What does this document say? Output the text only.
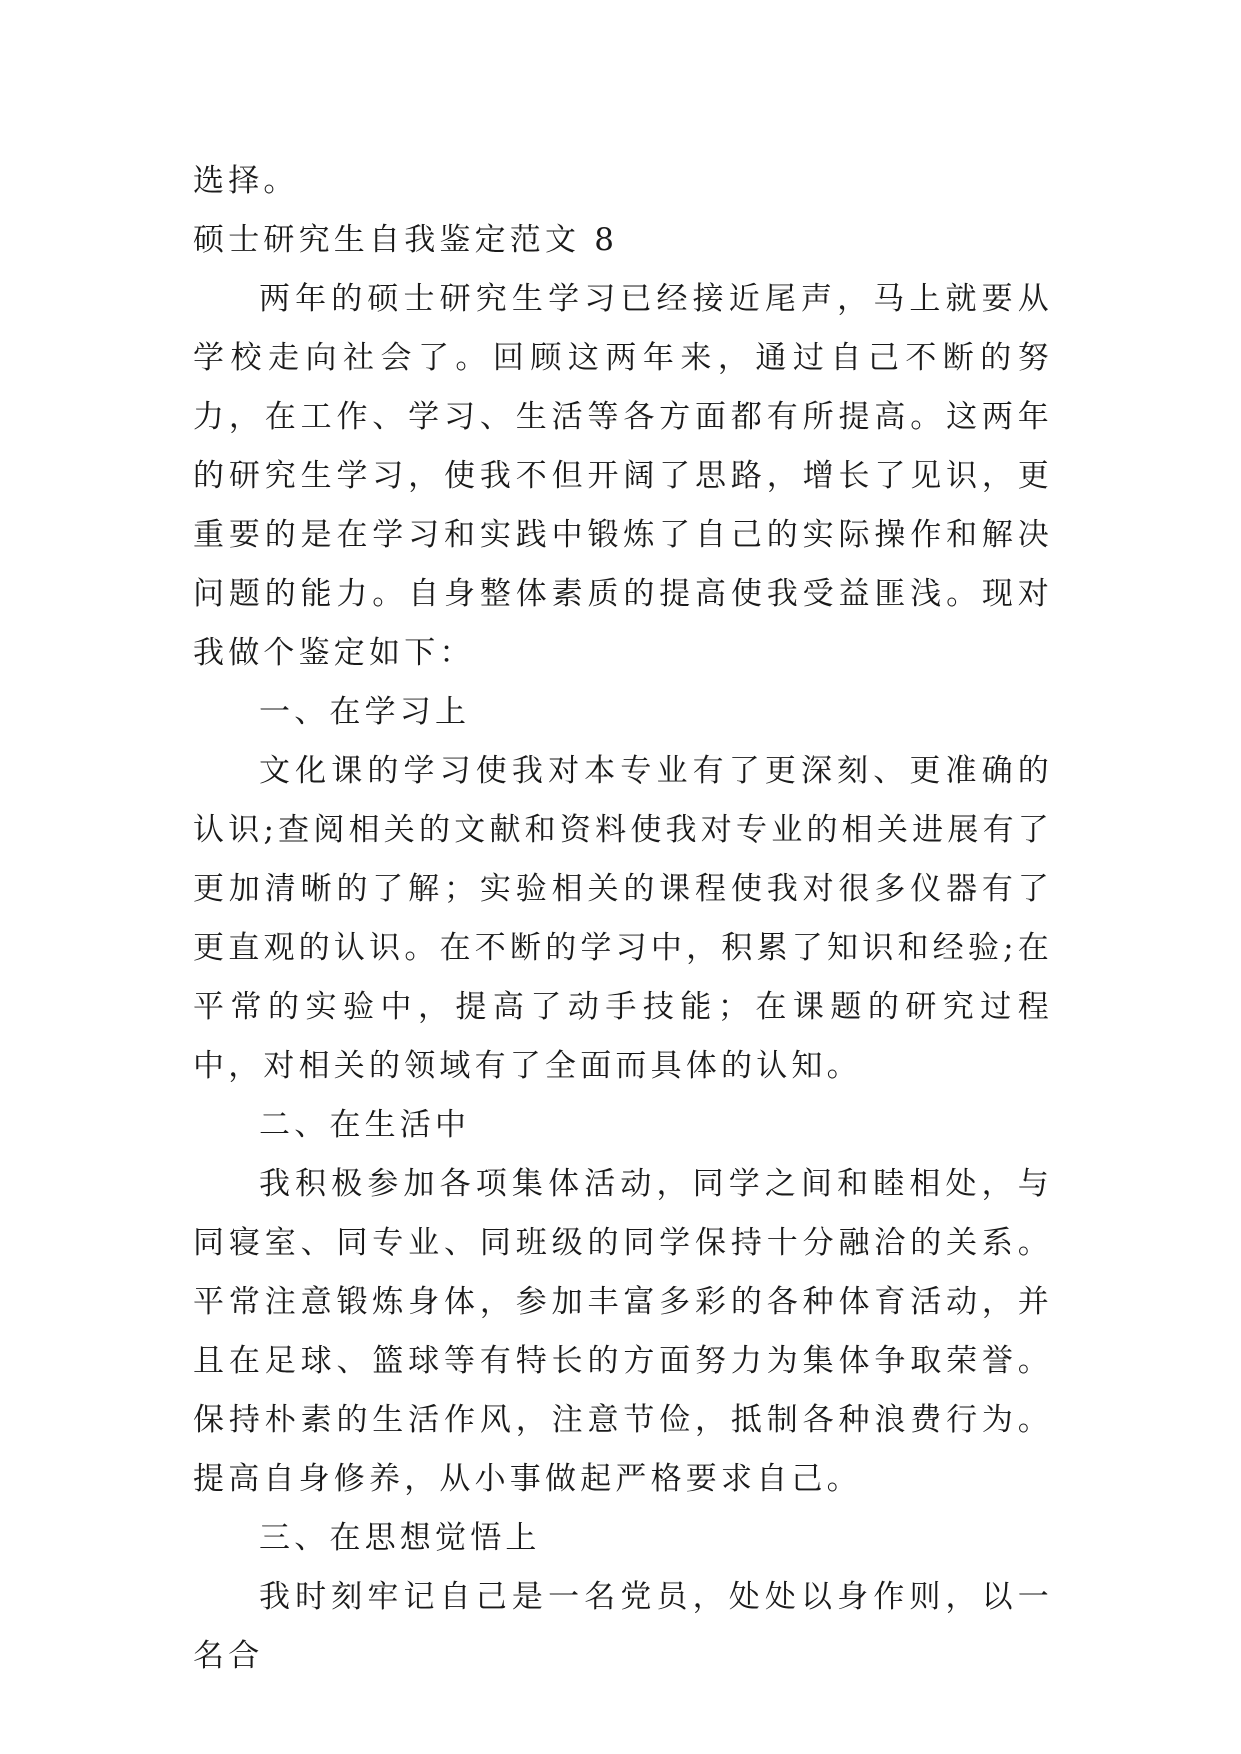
选择。

硕士研究生自我鉴定范文 8

两年的硕士研究生学习已经接近尾声，马上就要从学校走向社会了。回顾这两年来，通过自己不断的努力，在工作、学习、生活等各方面都有所提高。这两年的研究生学习，使我不但开阔了思路，增长了见识，更重要的是在学习和实践中锻炼了自己的实际操作和解决问题的能力。自身整体素质的提高使我受益匪浅。现对我做个鉴定如下：

一、在学习上

文化课的学习使我对本专业有了更深刻、更准确的认识;查阅相关的文献和资料使我对专业的相关进展有了更加清晰的了解；实验相关的课程使我对很多仪器有了更直观的认识。在不断的学习中，积累了知识和经验;在平常的实验中，提高了动手技能；在课题的研究过程中，对相关的领域有了全面而具体的认知。

二、在生活中

我积极参加各项集体活动，同学之间和睦相处，与同寝室、同专业、同班级的同学保持十分融洽的关系。平常注意锻炼身体，参加丰富多彩的各种体育活动，并且在足球、篮球等有特长的方面努力为集体争取荣誉。保持朴素的生活作风，注意节俭，抵制各种浪费行为。提高自身修养，从小事做起严格要求自己。

三、在思想觉悟上

我时刻牢记自己是一名党员，处处以身作则，以一名合
